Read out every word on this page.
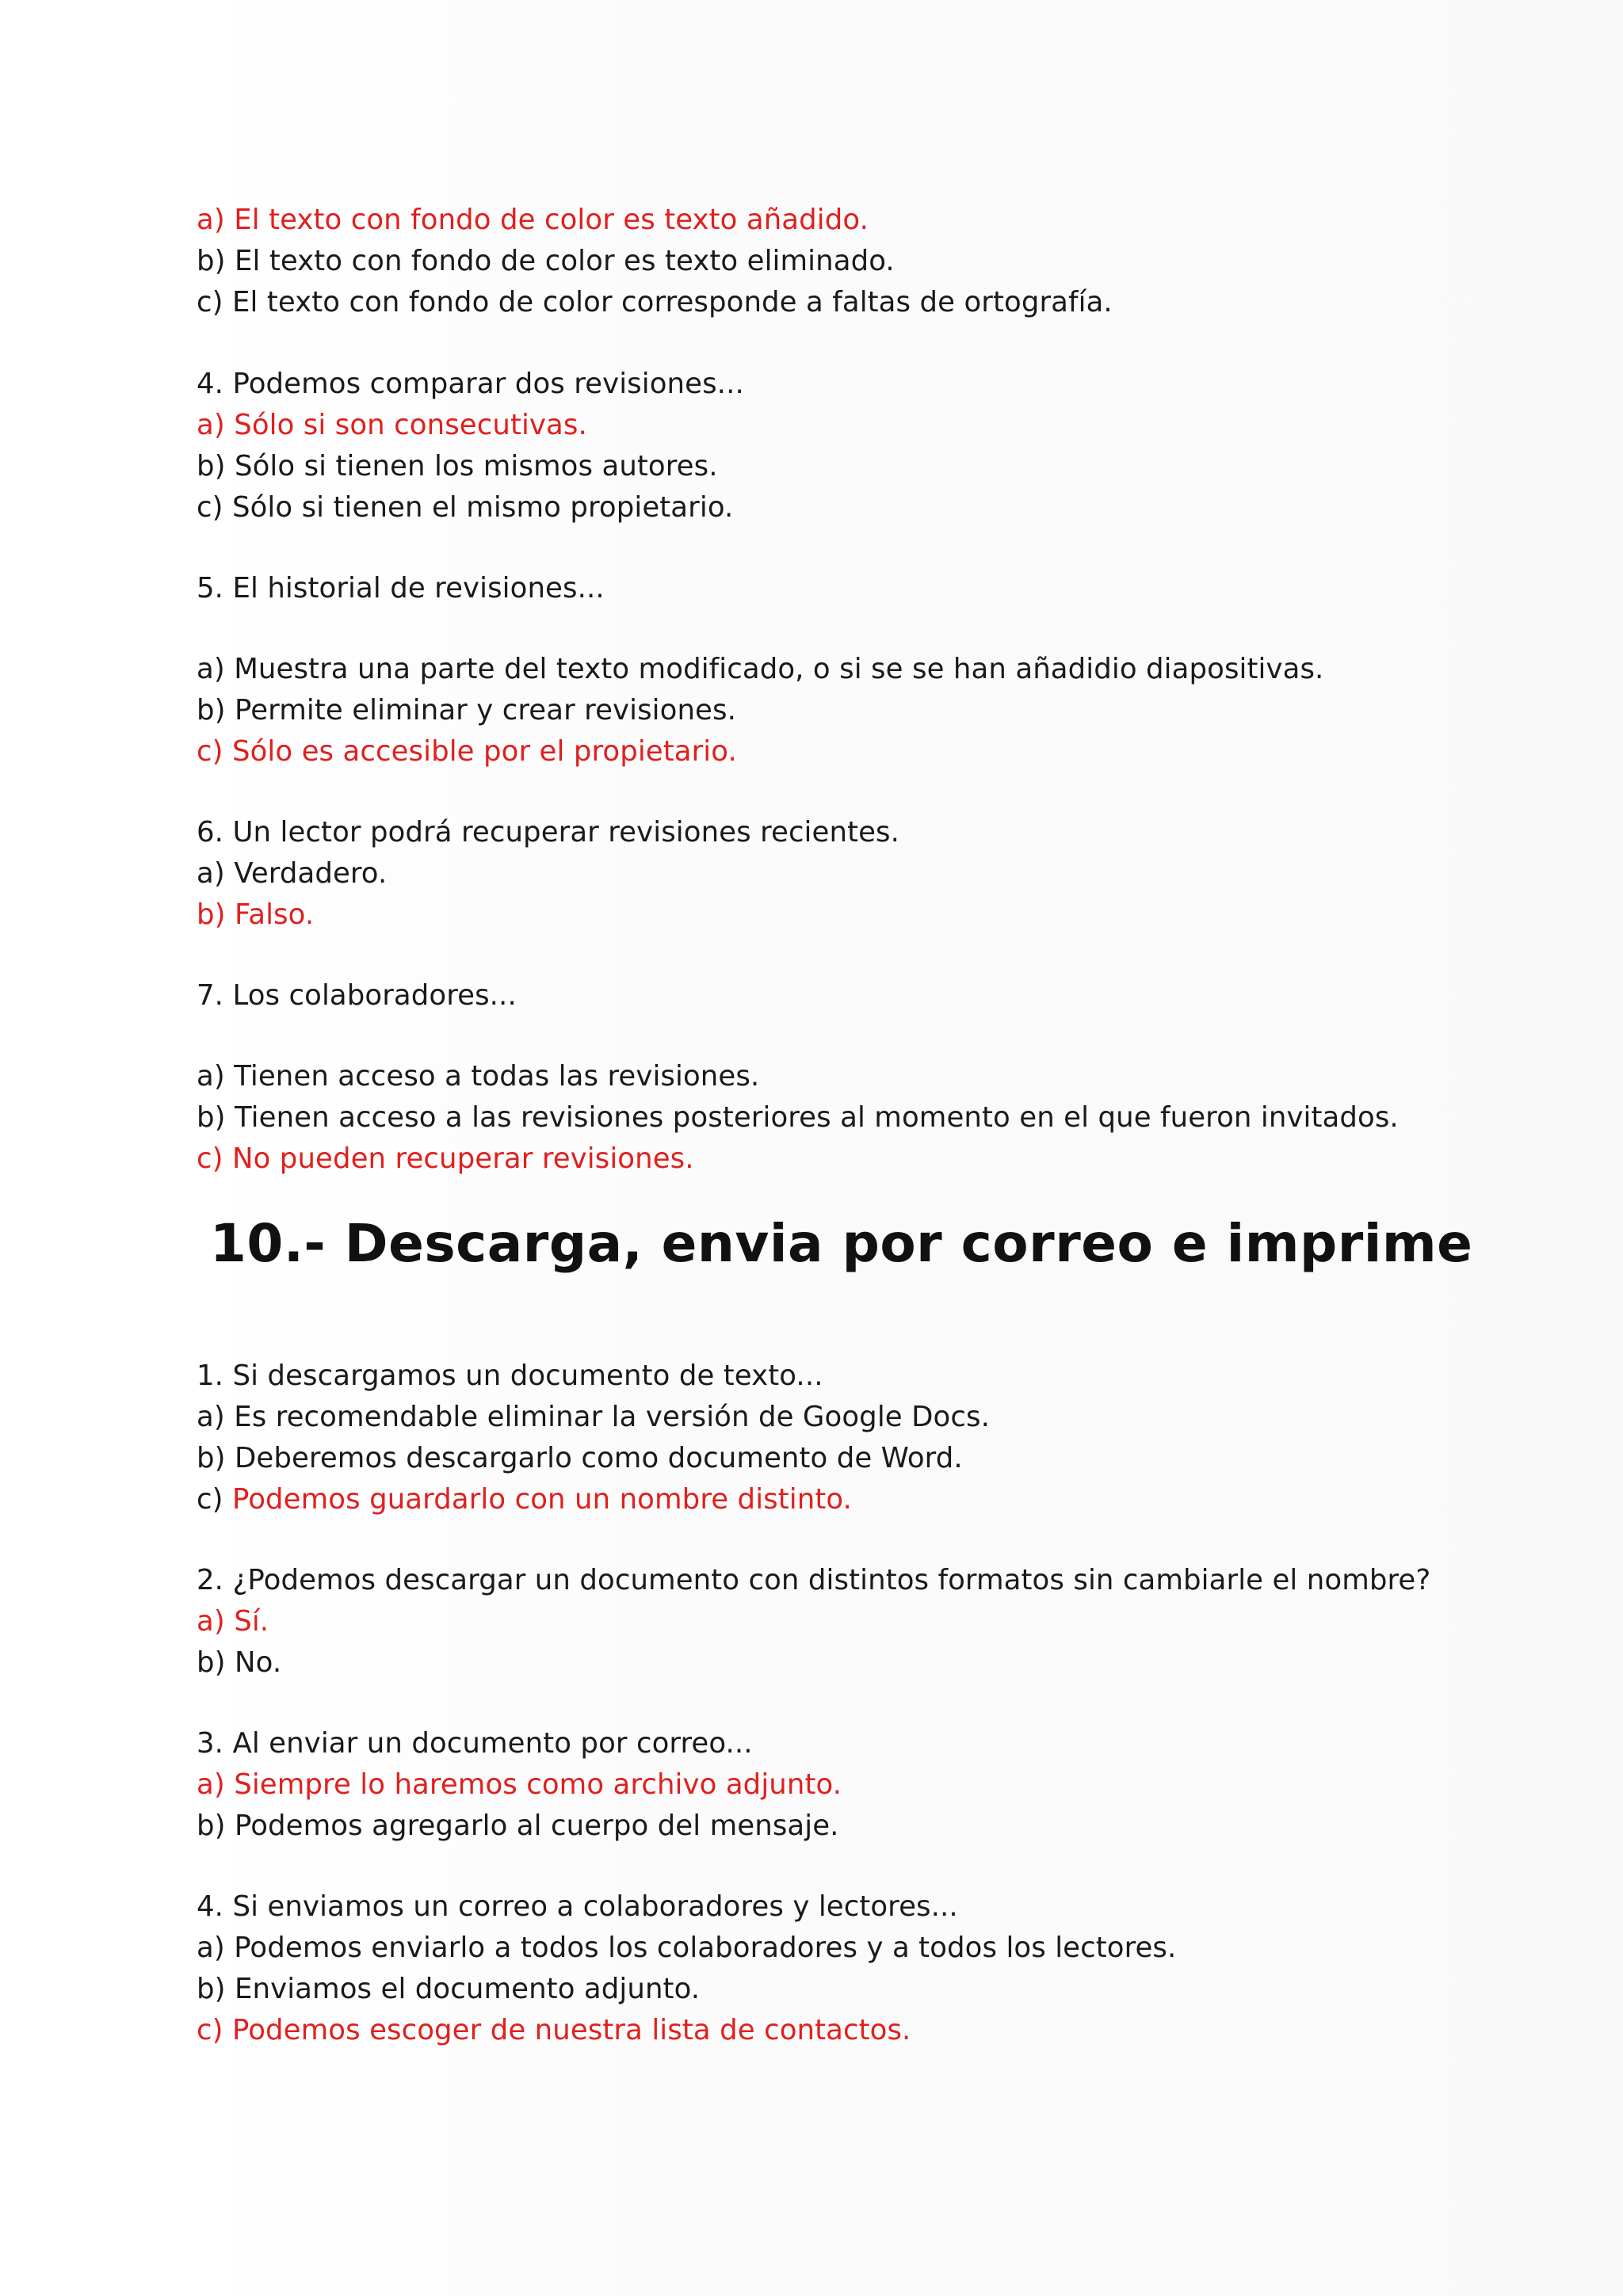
a) El texto con fondo de color es texto añadido.
b) El texto con fondo de color es texto eliminado.
c) El texto con fondo de color corresponde a faltas de ortografía.
4. Podemos comparar dos revisiones...
a) Sólo si son consecutivas.
b) Sólo si tienen los mismos autores.
c) Sólo si tienen el mismo propietario.
5. El historial de revisiones...
a) Muestra una parte del texto modificado, o si se se han añadidio diapositivas.
b) Permite eliminar y crear revisiones.
c) Sólo es accesible por el propietario.
6. Un lector podrá recuperar revisiones recientes.
a) Verdadero.
b) Falso.
7. Los colaboradores...
a) Tienen acceso a todas las revisiones.
b) Tienen acceso a las revisiones posteriores al momento en el que fueron invitados.
c) No pueden recuperar revisiones.
10.- Descarga, envia por correo e imprime
1. Si descargamos un documento de texto...
a) Es recomendable eliminar la versión de Google Docs.
b) Deberemos descargarlo como documento de Word.
c) Podemos guardarlo con un nombre distinto.
2. ¿Podemos descargar un documento con distintos formatos sin cambiarle el nombre?
a) Sí.
b) No.
3. Al enviar un documento por correo...
a) Siempre lo haremos como archivo adjunto.
b) Podemos agregarlo al cuerpo del mensaje.
4. Si enviamos un correo a colaboradores y lectores...
a) Podemos enviarlo a todos los colaboradores y a todos los lectores.
b) Enviamos el documento adjunto.
c) Podemos escoger de nuestra lista de contactos.
